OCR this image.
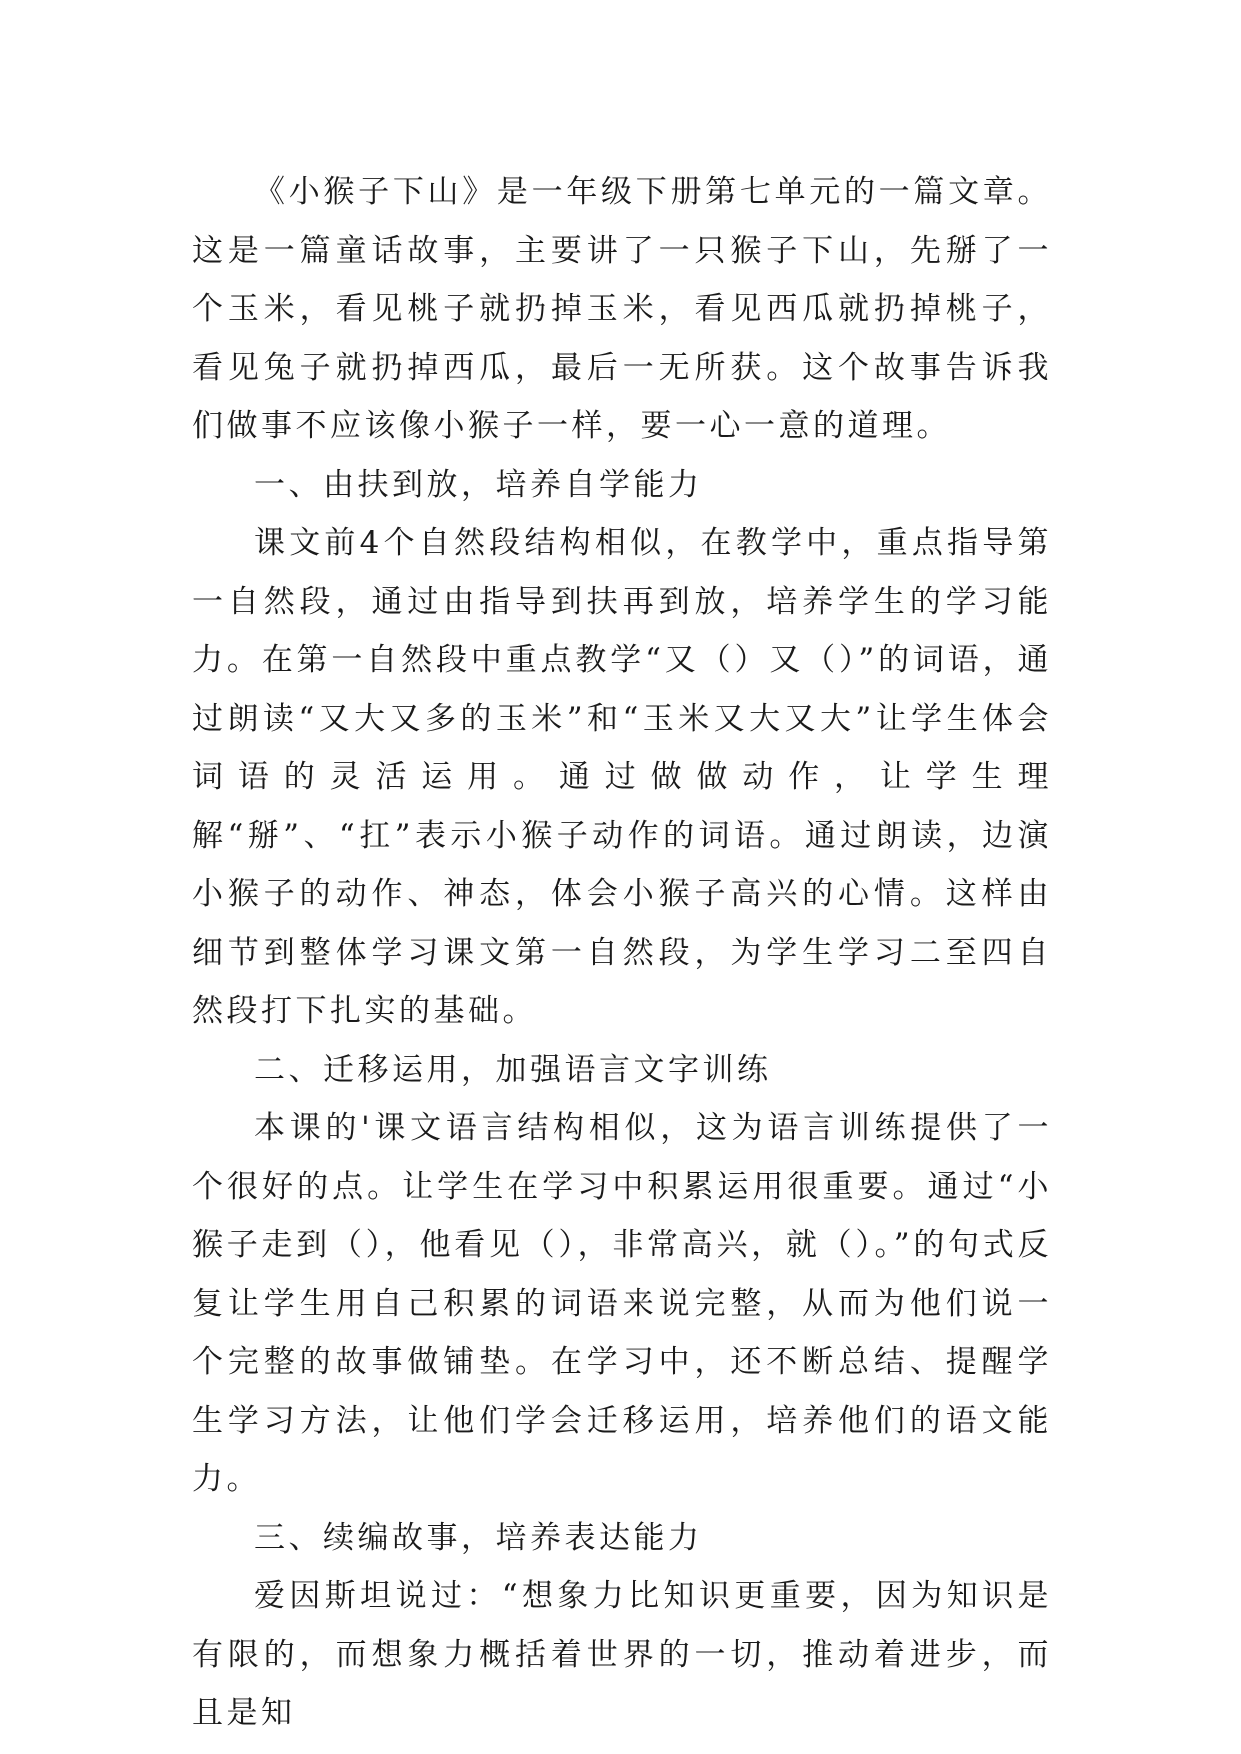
《小猴子下山》是一年级下册第七单元的一篇文章。这是一篇童话故事，主要讲了一只猴子下山，先掰了一个玉米，看见桃子就扔掉玉米，看见西瓜就扔掉桃子，看见兔子就扔掉西瓜，最后一无所获。这个故事告诉我们做事不应该像小猴子一样，要一心一意的道理。

一、由扶到放，培养自学能力

课文前4个自然段结构相似，在教学中，重点指导第一自然段，通过由指导到扶再到放，培养学生的学习能力。在第一自然段中重点教学“又（）又（）”的词语，通过朗读“又大又多的玉米”和“玉米又大又大”让学生体会词语的灵活运用。通过做做动作，让学生理解“掰”、“扛”表示小猴子动作的词语。通过朗读，边演小猴子的动作、神态，体会小猴子高兴的心情。这样由细节到整体学习课文第一自然段，为学生学习二至四自然段打下扎实的基础。

二、迁移运用，加强语言文字训练

本课的'课文语言结构相似，这为语言训练提供了一个很好的点。让学生在学习中积累运用很重要。通过“小猴子走到（），他看见（），非常高兴，就（）。”的句式反复让学生用自己积累的词语来说完整，从而为他们说一个完整的故事做铺垫。在学习中，还不断总结、提醒学生学习方法，让他们学会迁移运用，培养他们的语文能力。

三、续编故事，培养表达能力

爱因斯坦说过：“想象力比知识更重要，因为知识是有限的，而想象力概括着世界的一切，推动着进步，而且是知
